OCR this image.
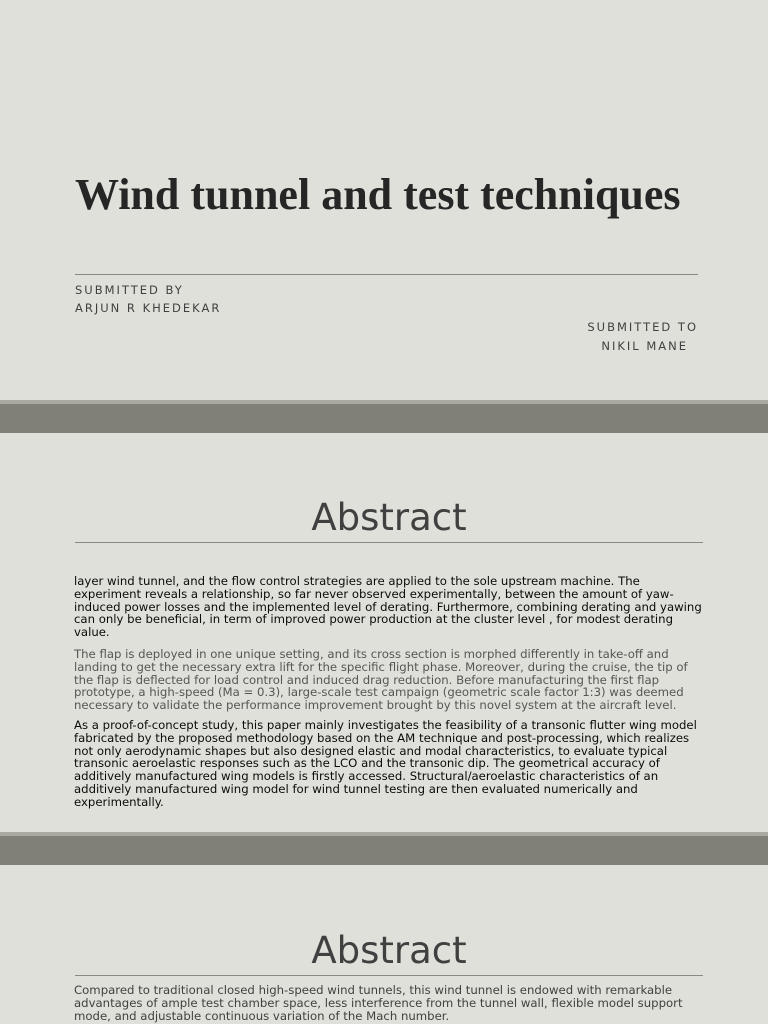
Wind tunnel and test techniques
SUBMITTED BY
ARJUN R KHEDEKAR
SUBMITTED TO
NIKIL MANE
Abstract

layer wind tunnel, and the flow control strategies are applied to the sole upstream machine. The experiment reveals a relationship, so far never observed experimentally, between the amount of yaw-induced power losses and the implemented level of derating. Furthermore, combining derating and yawing can only be beneficial, in term of improved power production at the cluster level , for modest derating value.

The flap is deployed in one unique setting, and its cross section is morphed differently in take-off and landing to get the necessary extra lift for the specific flight phase. Moreover, during the cruise, the tip of the flap is deflected for load control and induced drag reduction. Before manufacturing the first flap prototype, a high-speed (Ma = 0.3), large-scale test campaign (geometric scale factor 1:3) was deemed necessary to validate the performance improvement brought by this novel system at the aircraft level.

As a proof-of-concept study, this paper mainly investigates the feasibility of a transonic flutter wing model fabricated by the proposed methodology based on the AM technique and post-processing, which realizes not only aerodynamic shapes but also designed elastic and modal characteristics, to evaluate typical transonic aeroelastic responses such as the LCO and the transonic dip. The geometrical accuracy of additively manufactured wing models is firstly accessed. Structural/aeroelastic characteristics of an additively manufactured wing model for wind tunnel testing are then evaluated numerically and experimentally.

Abstract

Compared to traditional closed high-speed wind tunnels, this wind tunnel is endowed with remarkable advantages of ample test chamber space, less interference from the tunnel wall, flexible model support mode, and adjustable continuous variation of the Mach number.
